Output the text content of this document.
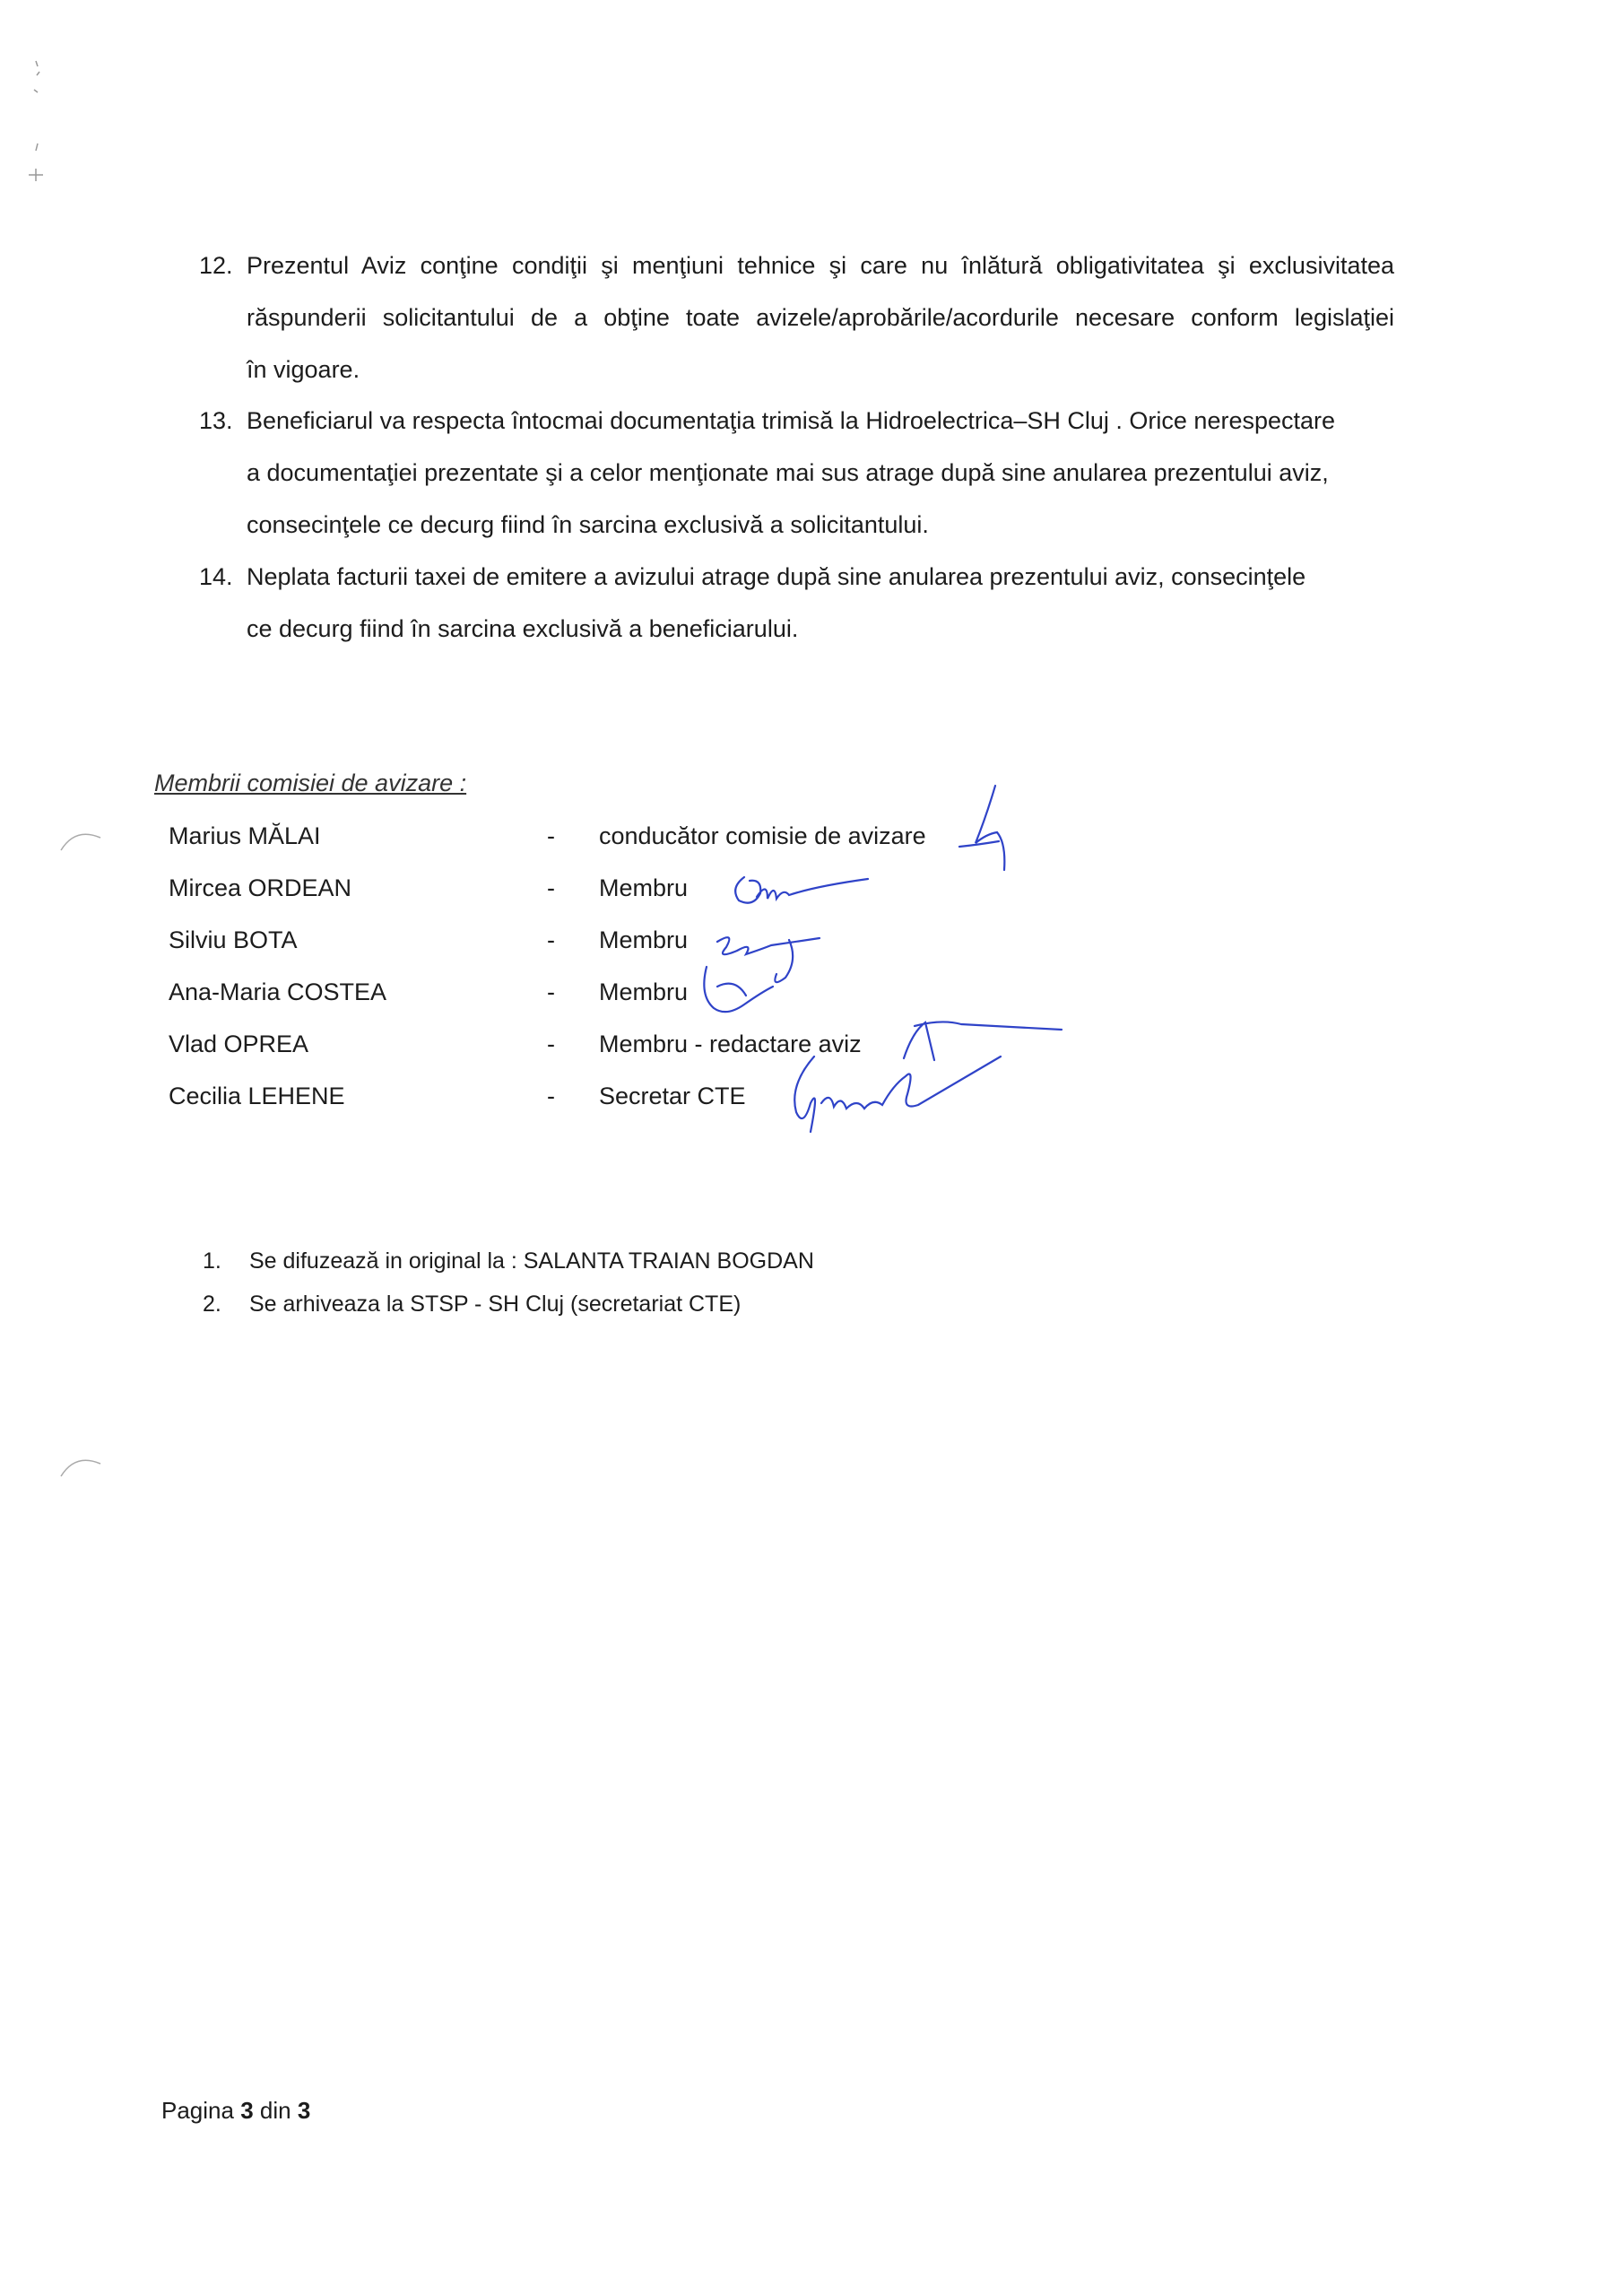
12. Prezentul Aviz conţine condiţii şi menţiuni tehnice şi care nu înlătură obligativitatea şi exclusivitatea
răspunderii solicitantului de a obţine toate avizele/aprobările/acordurile necesare conform legislaţiei
în vigoare.
13. Beneficiarul va respecta întocmai documentaţia trimisă la Hidroelectrica–SH Cluj . Orice nerespectare
a documentaţiei prezentate şi a celor menţionate mai sus atrage după sine anularea prezentului aviz,
consecinţele ce decurg fiind în sarcina exclusivă a solicitantului.
14. Neplata facturii taxei de emitere a avizului atrage după sine anularea prezentului aviz, consecinţele
ce decurg fiind în sarcina exclusivă a beneficiarului.
Membrii comisiei de avizare :
Marius MĂLAI	- conducător comisie de avizare
Mircea ORDEAN	- Membru
Silviu BOTA	- Membru
Ana-Maria COSTEA	- Membru
Vlad OPREA	- Membru - redactare aviz
Cecilia LEHENE	- Secretar CTE
1. Se difuzează in original la : SALANTA TRAIAN BOGDAN
2. Se arhiveaza la STSP - SH Cluj (secretariat CTE)
Pagina 3 din 3
